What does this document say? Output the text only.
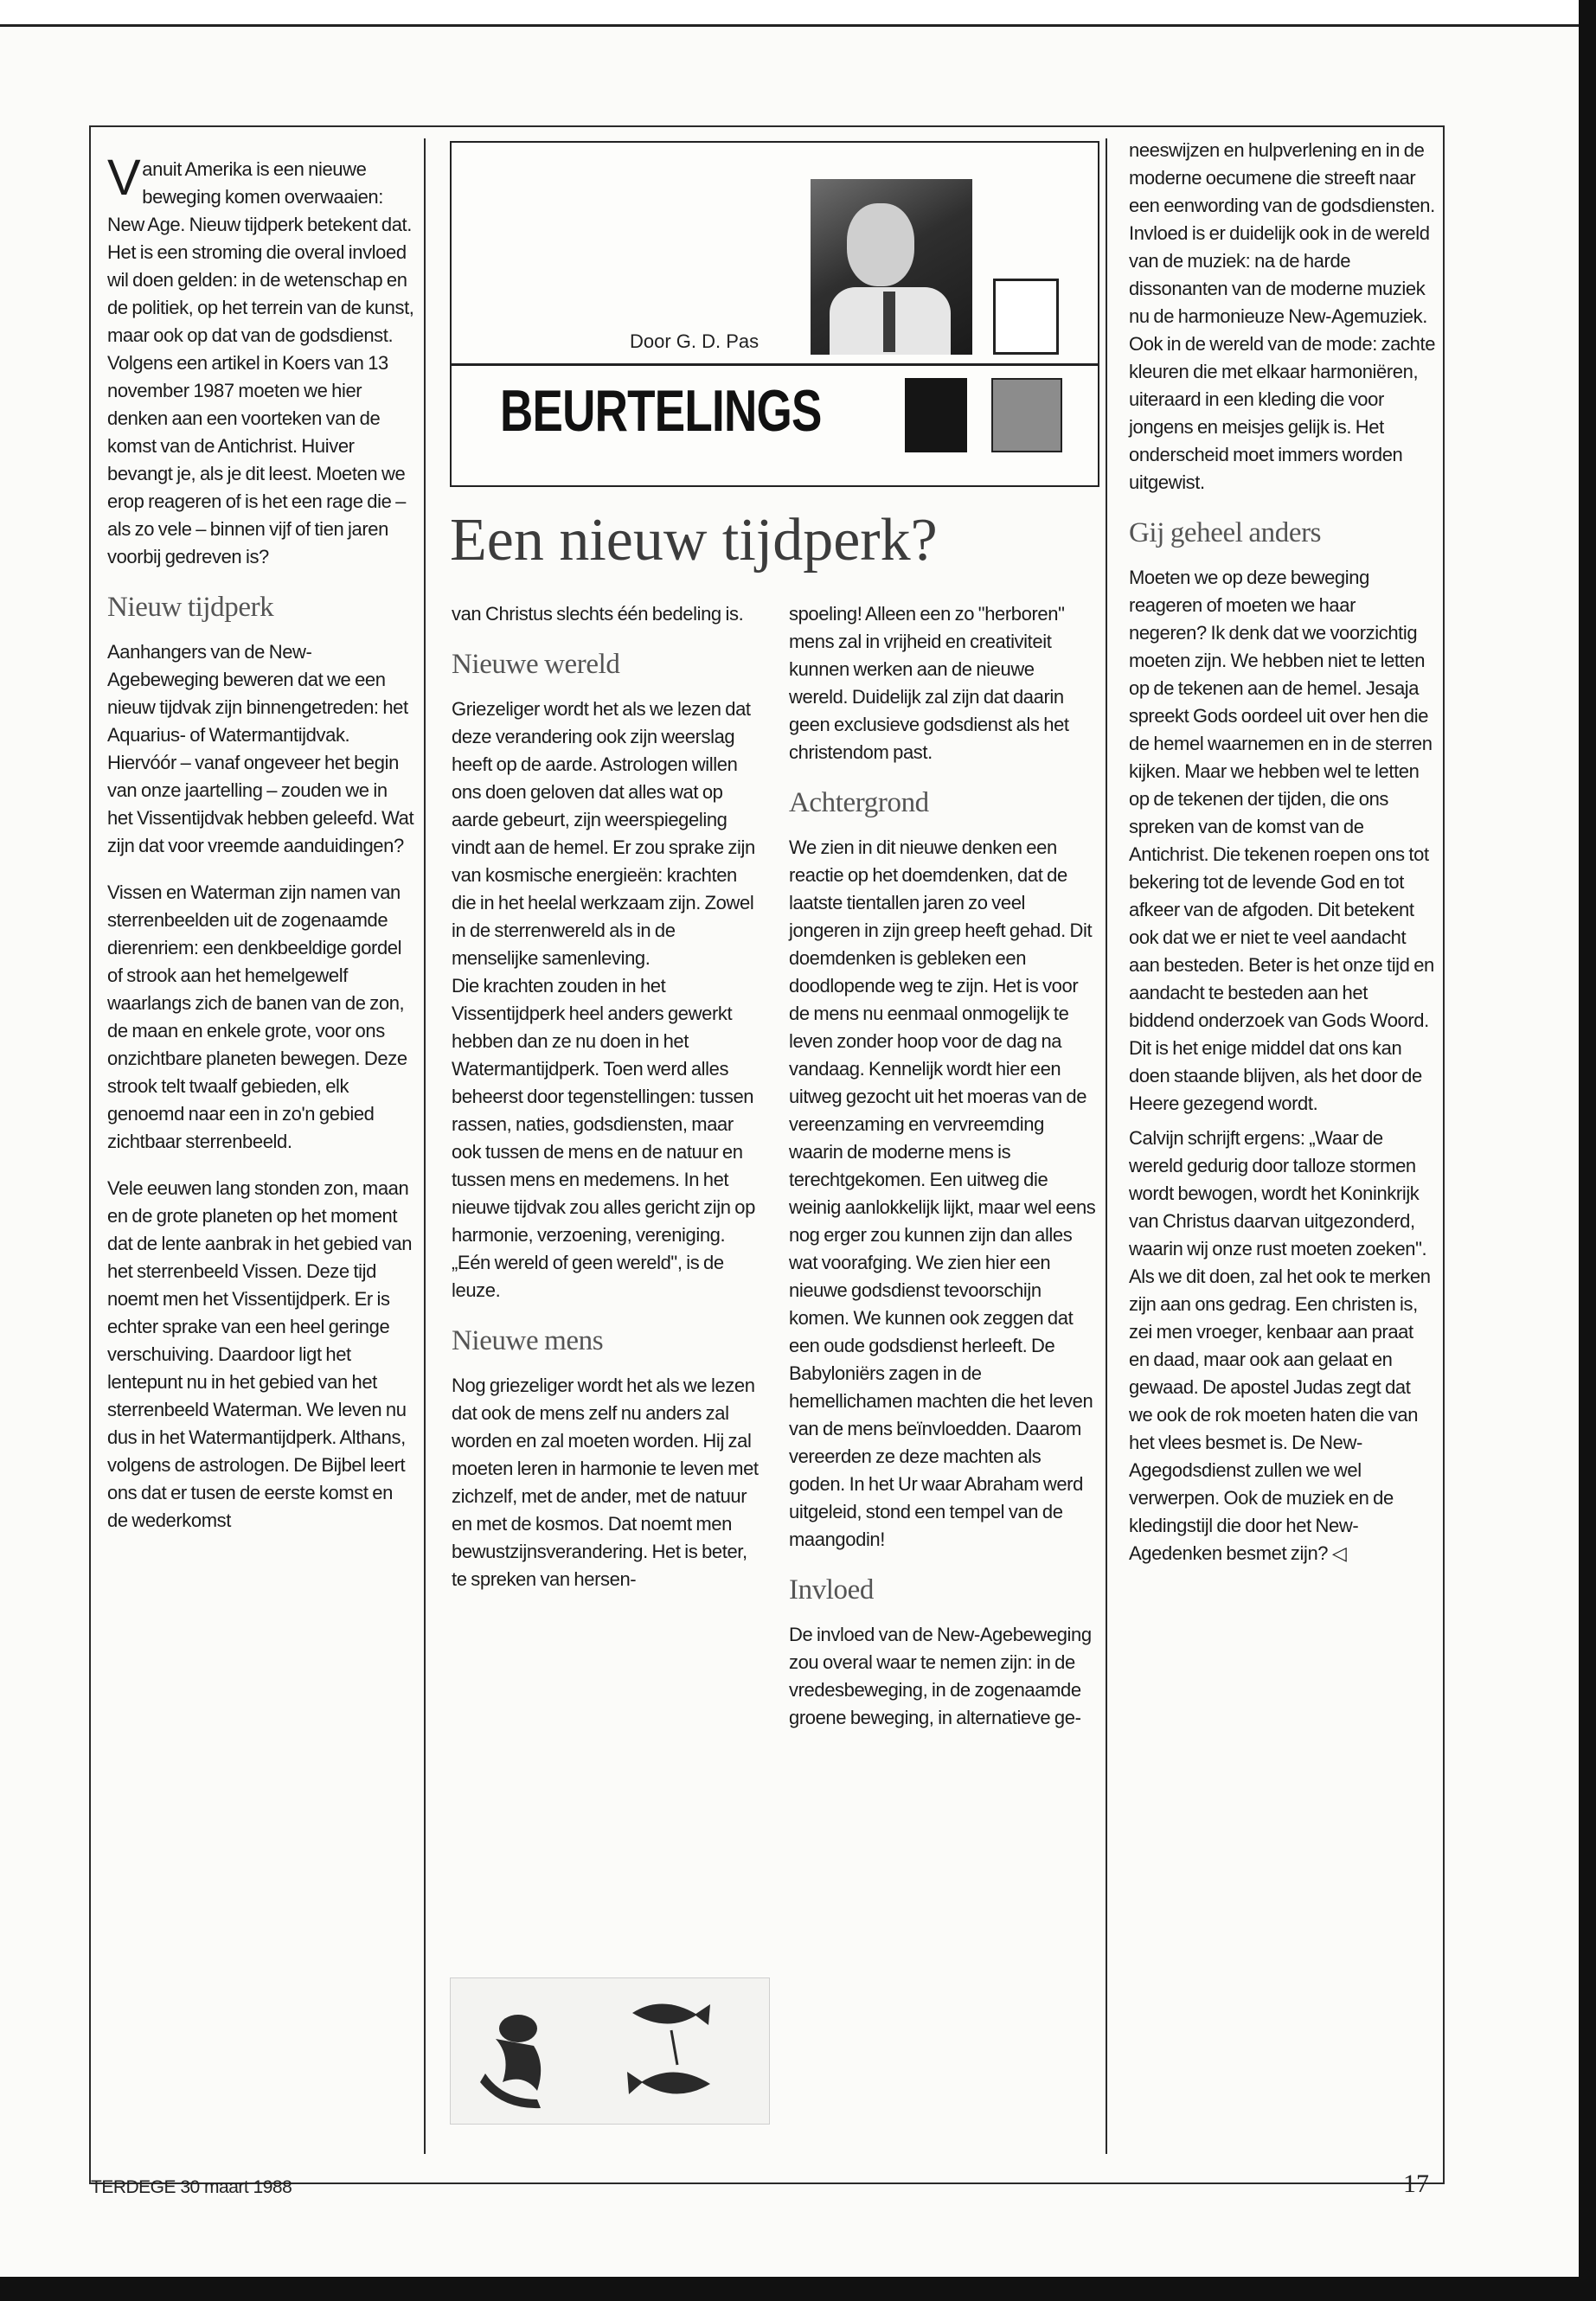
Vanuit Amerika is een nieuwe beweging komen overwaaien: New Age. Nieuw tijdperk betekent dat. Het is een stroming die overal invloed wil doen gelden: in de wetenschap en de politiek, op het terrein van de kunst, maar ook op dat van de godsdienst. Volgens een artikel in Koers van 13 november 1987 moeten we hier denken aan een voorteken van de komst van de Antichrist. Huiver bevangt je, als je dit leest. Moeten we erop reageren of is het een rage die – als zo vele – binnen vijf of tien jaren voorbij gedreven is?

Nieuw tijdperk

Aanhangers van de New-Agebeweging beweren dat we een nieuw tijdvak zijn binnengetreden: het Aquarius- of Watermantijdvak. Hiervóór – vanaf ongeveer het begin van onze jaartelling – zouden we in het Vissentijdvak hebben geleefd. Wat zijn dat voor vreemde aanduidingen?

Vissen en Waterman zijn namen van sterrenbeelden uit de zogenaamde dierenriem: een denkbeeldige gordel of strook aan het hemelgewelf waarlangs zich de banen van de zon, de maan en enkele grote, voor ons onzichtbare planeten bewegen. Deze strook telt twaalf gebieden, elk genoemd naar een in zo'n gebied zichtbaar sterrenbeeld.

Vele eeuwen lang stonden zon, maan en de grote planeten op het moment dat de lente aanbrak in het gebied van het sterrenbeeld Vissen. Deze tijd noemt men het Vissentijdperk. Er is echter sprake van een heel geringe verschuiving. Daardoor ligt het lentepunt nu in het gebied van het sterrenbeeld Waterman. We leven nu dus in het Watermantijdperk. Althans, volgens de astrologen. De Bijbel leert ons dat er tusen de eerste komst en de wederkomst

Door G. D. Pas
BEURTELINGS
Een nieuw tijdperk?

van Christus slechts één bedeling is.

Nieuwe wereld

Griezeliger wordt het als we lezen dat deze verandering ook zijn weerslag heeft op de aarde. Astrologen willen ons doen geloven dat alles wat op aarde gebeurt, zijn weerspiegeling vindt aan de hemel. Er zou sprake zijn van kosmische energieën: krachten die in het heelal werkzaam zijn. Zowel in de sterrenwereld als in de menselijke samenleving.

Die krachten zouden in het Vissentijdperk heel anders gewerkt hebben dan ze nu doen in het Watermantijdperk. Toen werd alles beheerst door tegenstellingen: tussen rassen, naties, godsdiensten, maar ook tussen de mens en de natuur en tussen mens en medemens. In het nieuwe tijdvak zou alles gericht zijn op harmonie, verzoening, vereniging. „Eén wereld of geen wereld", is de leuze.

Nieuwe mens

Nog griezeliger wordt het als we lezen dat ook de mens zelf nu anders zal worden en zal moeten worden. Hij zal moeten leren in harmonie te leven met zichzelf, met de ander, met de natuur en met de kosmos. Dat noemt men bewustzijnsverandering. Het is beter, te spreken van hersen-

spoeling! Alleen een zo "herboren" mens zal in vrijheid en creativiteit kunnen werken aan de nieuwe wereld. Duidelijk zal zijn dat daarin geen exclusieve godsdienst als het christendom past.

Achtergrond

We zien in dit nieuwe denken een reactie op het doemdenken, dat de laatste tientallen jaren zo veel jongeren in zijn greep heeft gehad. Dit doemdenken is gebleken een doodlopende weg te zijn. Het is voor de mens nu eenmaal onmogelijk te leven zonder hoop voor de dag na vandaag. Kennelijk wordt hier een uitweg gezocht uit het moeras van de vereenzaming en vervreemding waarin de moderne mens is terechtgekomen. Een uitweg die weinig aanlokkelijk lijkt, maar wel eens nog erger zou kunnen zijn dan alles wat voorafging. We zien hier een nieuwe godsdienst tevoorschijn komen. We kunnen ook zeggen dat een oude godsdienst herleeft. De Babyloniërs zagen in de hemellichamen machten die het leven van de mens beïnvloedden. Daarom vereerden ze deze machten als goden. In het Ur waar Abraham werd uitgeleid, stond een tempel van de maangodin!

Invloed

De invloed van de New-Agebeweging zou overal waar te nemen zijn: in de vredesbeweging, in de zogenaamde groene beweging, in alternatieve ge-

neeswijzen en hulpverlening en in de moderne oecumene die streeft naar een eenwording van de godsdiensten.

Invloed is er duidelijk ook in de wereld van de muziek: na de harde dissonanten van de moderne muziek nu de harmonieuze New-Agemuziek. Ook in de wereld van de mode: zachte kleuren die met elkaar harmoniëren, uiteraard in een kleding die voor jongens en meisjes gelijk is. Het onderscheid moet immers worden uitgewist.

Gij geheel anders

Moeten we op deze beweging reageren of moeten we haar negeren? Ik denk dat we voorzichtig moeten zijn. We hebben niet te letten op de tekenen aan de hemel. Jesaja spreekt Gods oordeel uit over hen die de hemel waarnemen en in de sterren kijken. Maar we hebben wel te letten op de tekenen der tijden, die ons spreken van de komst van de Antichrist. Die tekenen roepen ons tot bekering tot de levende God en tot afkeer van de afgoden. Dit betekent ook dat we er niet te veel aandacht aan besteden. Beter is het onze tijd en aandacht te besteden aan het biddend onderzoek van Gods Woord. Dit is het enige middel dat ons kan doen staande blijven, als het door de Heere gezegend wordt.

Calvijn schrijft ergens: „Waar de wereld gedurig door talloze stormen wordt bewogen, wordt het Koninkrijk van Christus daarvan uitgezonderd, waarin wij onze rust moeten zoeken". Als we dit doen, zal het ook te merken zijn aan ons gedrag. Een christen is, zei men vroeger, kenbaar aan praat en daad, maar ook aan gelaat en gewaad. De apostel Judas zegt dat we ook de rok moeten haten die van het vlees besmet is. De New-Agegodsdienst zullen we wel verwerpen. Ook de muziek en de kledingstijl die door het New-Agedenken besmet zijn? ◁

TERDEGE 30 maart 1988	17
